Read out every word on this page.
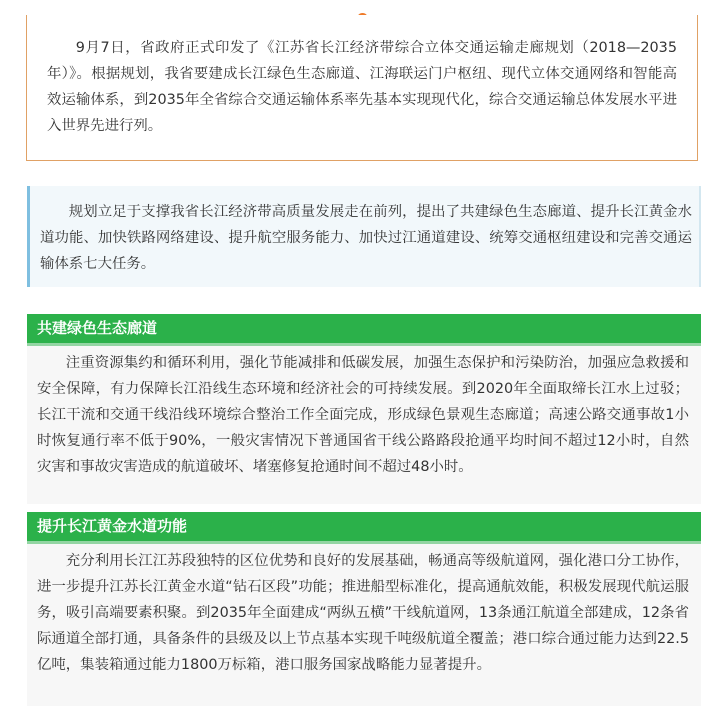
9月7日，省政府正式印发了《江苏省长江经济带综合立体交通运输走廊规划（2018—2035年）》。根据规划，我省要建成长江绿色生态廊道、江海联运门户枢纽、现代立体交通网络和智能高效运输体系，到2035年全省综合交通运输体系率先基本实现现代化，综合交通运输总体发展水平进入世界先进行列。

规划立足于支撑我省长江经济带高质量发展走在前列，提出了共建绿色生态廊道、提升长江黄金水道功能、加快铁路网络建设、提升航空服务能力、加快过江通道建设、统筹交通枢纽建设和完善交通运输体系七大任务。

共建绿色生态廊道

注重资源集约和循环利用，强化节能减排和低碳发展，加强生态保护和污染防治，加强应急救援和安全保障，有力保障长江沿线生态环境和经济社会的可持续发展。到2020年全面取缔长江水上过驳；长江干流和交通干线沿线环境综合整治工作全面完成，形成绿色景观生态廊道；高速公路交通事故1小时恢复通行率不低于90%，一般灾害情况下普通国省干线公路路段抢通平均时间不超过12小时，自然灾害和事故灾害造成的航道破坏、堵塞修复抢通时间不超过48小时。

提升长江黄金水道功能

充分利用长江江苏段独特的区位优势和良好的发展基础，畅通高等级航道网，强化港口分工协作，进一步提升江苏长江黄金水道“钻石区段”功能；推进船型标准化，提高通航效能，积极发展现代航运服务，吸引高端要素积聚。到2035年全面建成“两纵五横”干线航道网，13条通江航道全部建成，12条省际通道全部打通，具备条件的县级及以上节点基本实现千吨级航道全覆盖；港口综合通过能力达到22.5亿吨，集装箱通过能力1800万标箱，港口服务国家战略能力显著提升。
